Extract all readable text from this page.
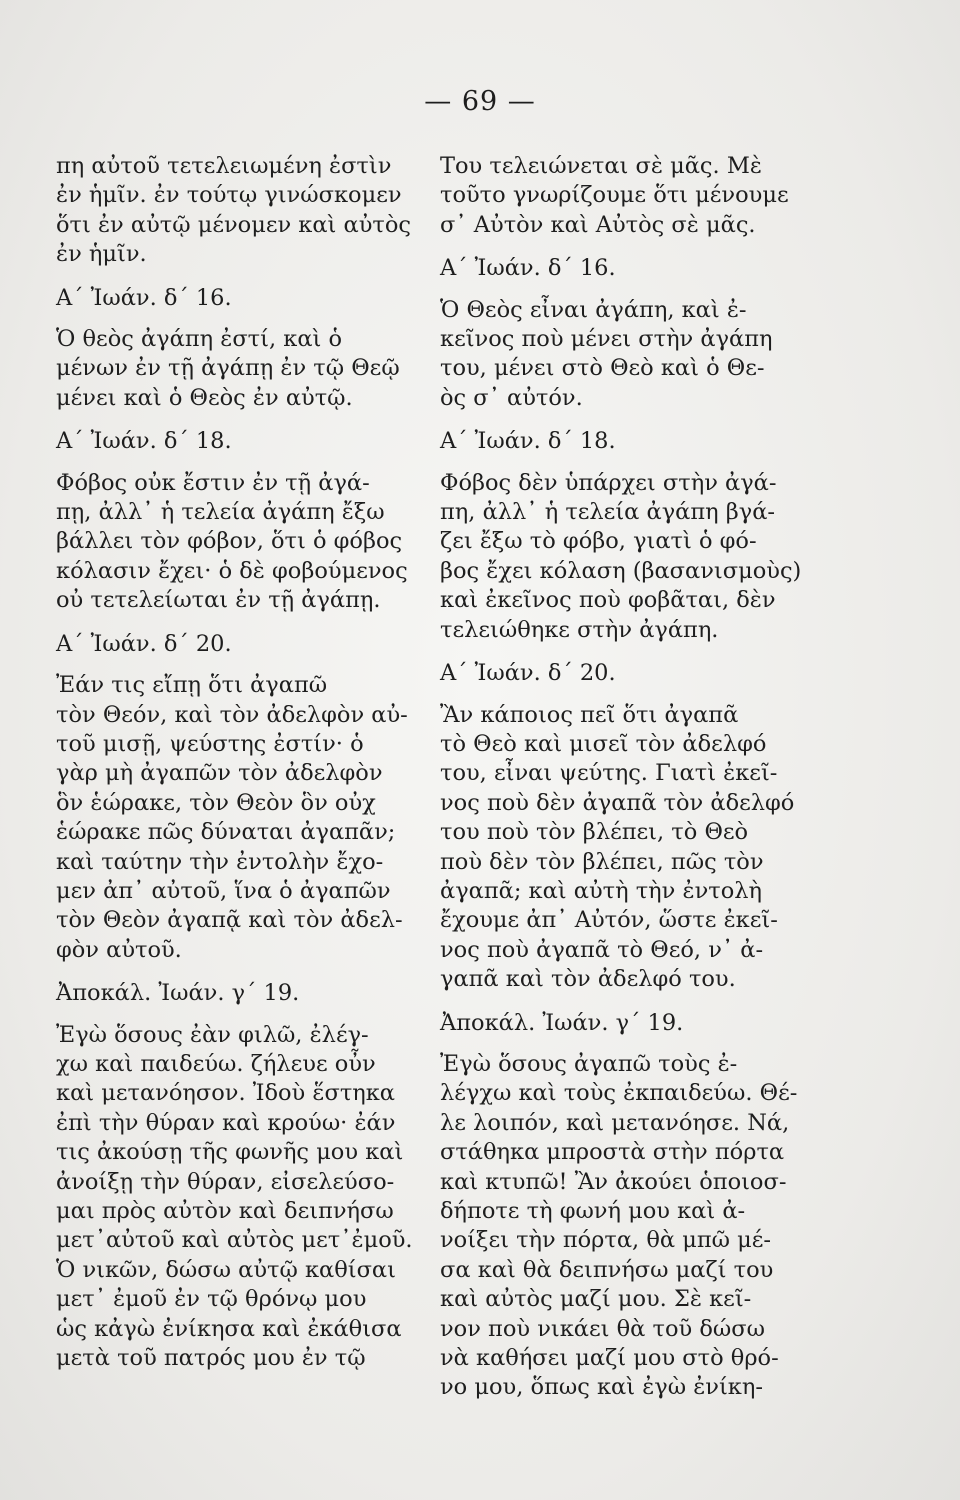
— 69 —
πη αὐτοῦ τετελειωμένη ἐστὶν
ἐν ἡμῖν. ἐν τούτῳ γινώσκομεν
ὅτι ἐν αὐτῷ μένομεν καὶ αὐτὸς
ἐν ἡμῖν.
Α΄ Ἰωάν. δ΄ 16.
Ὁ θεὸς ἀγάπη ἐστί, καὶ ὁ
μένων ἐν τῇ ἀγάπῃ ἐν τῷ Θεῷ
μένει καὶ ὁ Θεὸς ἐν αὐτῷ.
Α΄ Ἰωάν. δ΄ 18.
Φόβος οὐκ ἔστιν ἐν τῇ ἀγά-
πῃ, ἀλλ᾽ ἡ τελεία ἀγάπη ἔξω
βάλλει τὸν φόβον, ὅτι ὁ φόβος
κόλασιν ἔχει· ὁ δὲ φοβούμενος
οὐ τετελείωται ἐν τῇ ἀγάπῃ.
Α΄ Ἰωάν. δ΄ 20.
Ἐάν τις εἴπῃ ὅτι ἀγαπῶ
τὸν Θεόν, καὶ τὸν ἀδελφὸν αὐ-
τοῦ μισῇ, ψεύστης ἐστίν· ὁ
γὰρ μὴ ἀγαπῶν τὸν ἀδελφὸν
ὃν ἑώρακε, τὸν Θεὸν ὃν οὐχ
ἑώρακε πῶς δύναται ἀγαπᾶν;
καὶ ταύτην τὴν ἐντολὴν ἔχο-
μεν ἀπ᾽ αὐτοῦ, ἵνα ὁ ἀγαπῶν
τὸν Θεὸν ἀγαπᾷ καὶ τὸν ἀδελ-
φὸν αὐτοῦ.
Ἀποκάλ. Ἰωάν. γ΄ 19.
Ἐγὼ ὅσους ἐὰν φιλῶ, ἐλέγ-
χω καὶ παιδεύω. ζήλευε οὖν
καὶ μετανόησον. Ἰδοὺ ἕστηκα
ἐπὶ τὴν θύραν καὶ κρούω· ἐάν
τις ἀκούσῃ τῆς φωνῆς μου καὶ
ἀνοίξῃ τὴν θύραν, εἰσελεύσο-
μαι πρὸς αὐτὸν καὶ δειπνήσω
μετ᾽αὐτοῦ καὶ αὐτὸς μετ᾽ἐμοῦ.
Ὁ νικῶν, δώσω αὐτῷ καθίσαι
μετ᾽ ἐμοῦ ἐν τῷ θρόνῳ μου
ὡς κἀγὼ ἐνίκησα καὶ ἐκάθισα
μετὰ τοῦ πατρός μου ἐν τῷ
Του τελειώνεται σὲ μᾶς. Μὲ
τοῦτο γνωρίζουμε ὅτι μένουμε
σ᾽ Αὐτὸν καὶ Αὐτὸς σὲ μᾶς.
Α΄ Ἰωάν. δ΄ 16.
Ὁ Θεὸς εἶναι ἀγάπη, καὶ ἐ-
κεῖνος ποὺ μένει στὴν ἀγάπη
του, μένει στὸ Θεὸ καὶ ὁ Θε-
ὸς σ᾽ αὐτόν.
Α΄ Ἰωάν. δ΄ 18.
Φόβος δὲν ὑπάρχει στὴν ἀγά-
πη, ἀλλ᾽ ἡ τελεία ἀγάπη βγά-
ζει ἔξω τὸ φόβο, γιατὶ ὁ φό-
βος ἔχει κόλαση (βασανισμοὺς)
καὶ ἐκεῖνος ποὺ φοβᾶται, δὲν
τελειώθηκε στὴν ἀγάπη.
Α΄ Ἰωάν. δ΄ 20.
Ἂν κάποιος πεῖ ὅτι ἀγαπᾶ
τὸ Θεὸ καὶ μισεῖ τὸν ἀδελφό
του, εἶναι ψεύτης. Γιατὶ ἐκεῖ-
νος ποὺ δὲν ἀγαπᾶ τὸν ἀδελφό
του ποὺ τὸν βλέπει, τὸ Θεὸ
ποὺ δὲν τὸν βλέπει, πῶς τὸν
ἀγαπᾶ; καὶ αὐτὴ τὴν ἐντολὴ
ἔχουμε ἀπ᾽ Αὐτόν, ὥστε ἐκεῖ-
νος ποὺ ἀγαπᾶ τὸ Θεό, ν᾽ ἀ-
γαπᾶ καὶ τὸν ἀδελφό του.
Ἀποκάλ. Ἰωάν. γ΄ 19.
Ἐγὼ ὅσους ἀγαπῶ τοὺς ἐ-
λέγχω καὶ τοὺς ἐκπαιδεύω. Θέ-
λε λοιπόν, καὶ μετανόησε. Νά,
στάθηκα μπροστὰ στὴν πόρτα
καὶ κτυπῶ! Ἂν ἀκούει ὁποιοσ-
δήποτε τὴ φωνή μου καὶ ἀ-
νοίξει τὴν πόρτα, θὰ μπῶ μέ-
σα καὶ θὰ δειπνήσω μαζί του
καὶ αὐτὸς μαζί μου. Σὲ κεῖ-
νον ποὺ νικάει θὰ τοῦ δώσω
νὰ καθήσει μαζί μου στὸ θρό-
νο μου, ὅπως καὶ ἐγὼ ἐνίκη-
